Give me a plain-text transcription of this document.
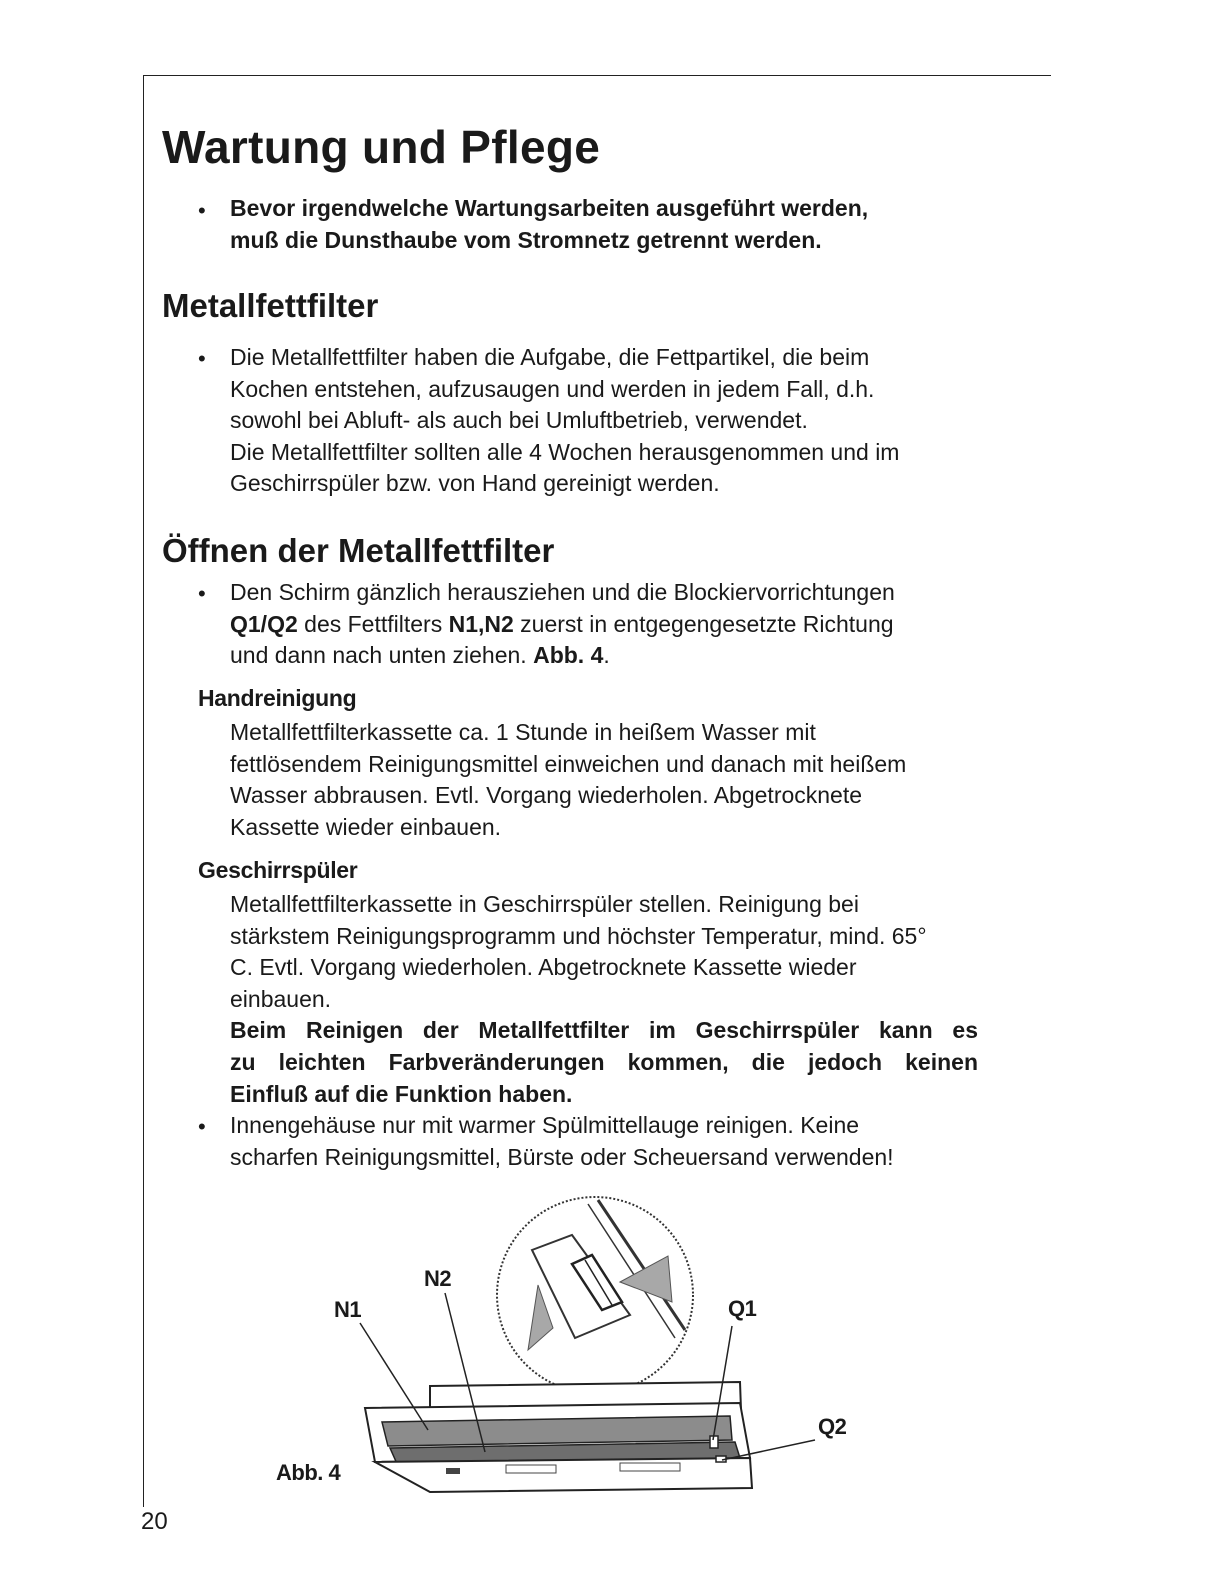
Wartung und Pflege
• Bevor irgendwelche Wartungsarbeiten ausgeführt werden,
muß die Dunsthaube vom Stromnetz getrennt werden.
Metallfettfilter
• Die Metallfettfilter haben die Aufgabe, die Fettpartikel, die beim
Kochen entstehen, aufzusaugen und werden in jedem Fall, d.h.
sowohl bei Abluft- als auch bei Umluftbetrieb, verwendet.
Die Metallfettfilter sollten alle 4 Wochen herausgenommen und im
Geschirrspüler bzw. von Hand gereinigt werden.
Öffnen der Metallfettfilter
• Den Schirm gänzlich herausziehen und die Blockiervorrichtungen
Q1/Q2 des Fettfilters N1,N2 zuerst in entgegengesetzte Richtung
und dann nach unten ziehen. Abb. 4.
Handreinigung
Metallfettfilterkassette ca. 1 Stunde in heißem Wasser mit
fettlösendem Reinigungsmittel einweichen und danach mit heißem
Wasser abbrausen. Evtl. Vorgang wiederholen. Abgetrocknete
Kassette wieder einbauen.
Geschirrspüler
Metallfettfilterkassette in Geschirrspüler stellen. Reinigung bei
stärkstem Reinigungsprogramm und höchster Temperatur, mind. 65°
C. Evtl. Vorgang wiederholen. Abgetrocknete Kassette wieder
einbauen.
Beim Reinigen der Metallfettfilter im Geschirrspüler kann es
zu leichten Farbveränderungen kommen, die jedoch keinen
Einfluß auf die Funktion haben.
• Innengehäuse nur mit warmer Spülmittellauge reinigen. Keine
scharfen Reinigungsmittel, Bürste oder Scheuersand verwenden!
N1
N2
Q1
Q2
Abb. 4
20
